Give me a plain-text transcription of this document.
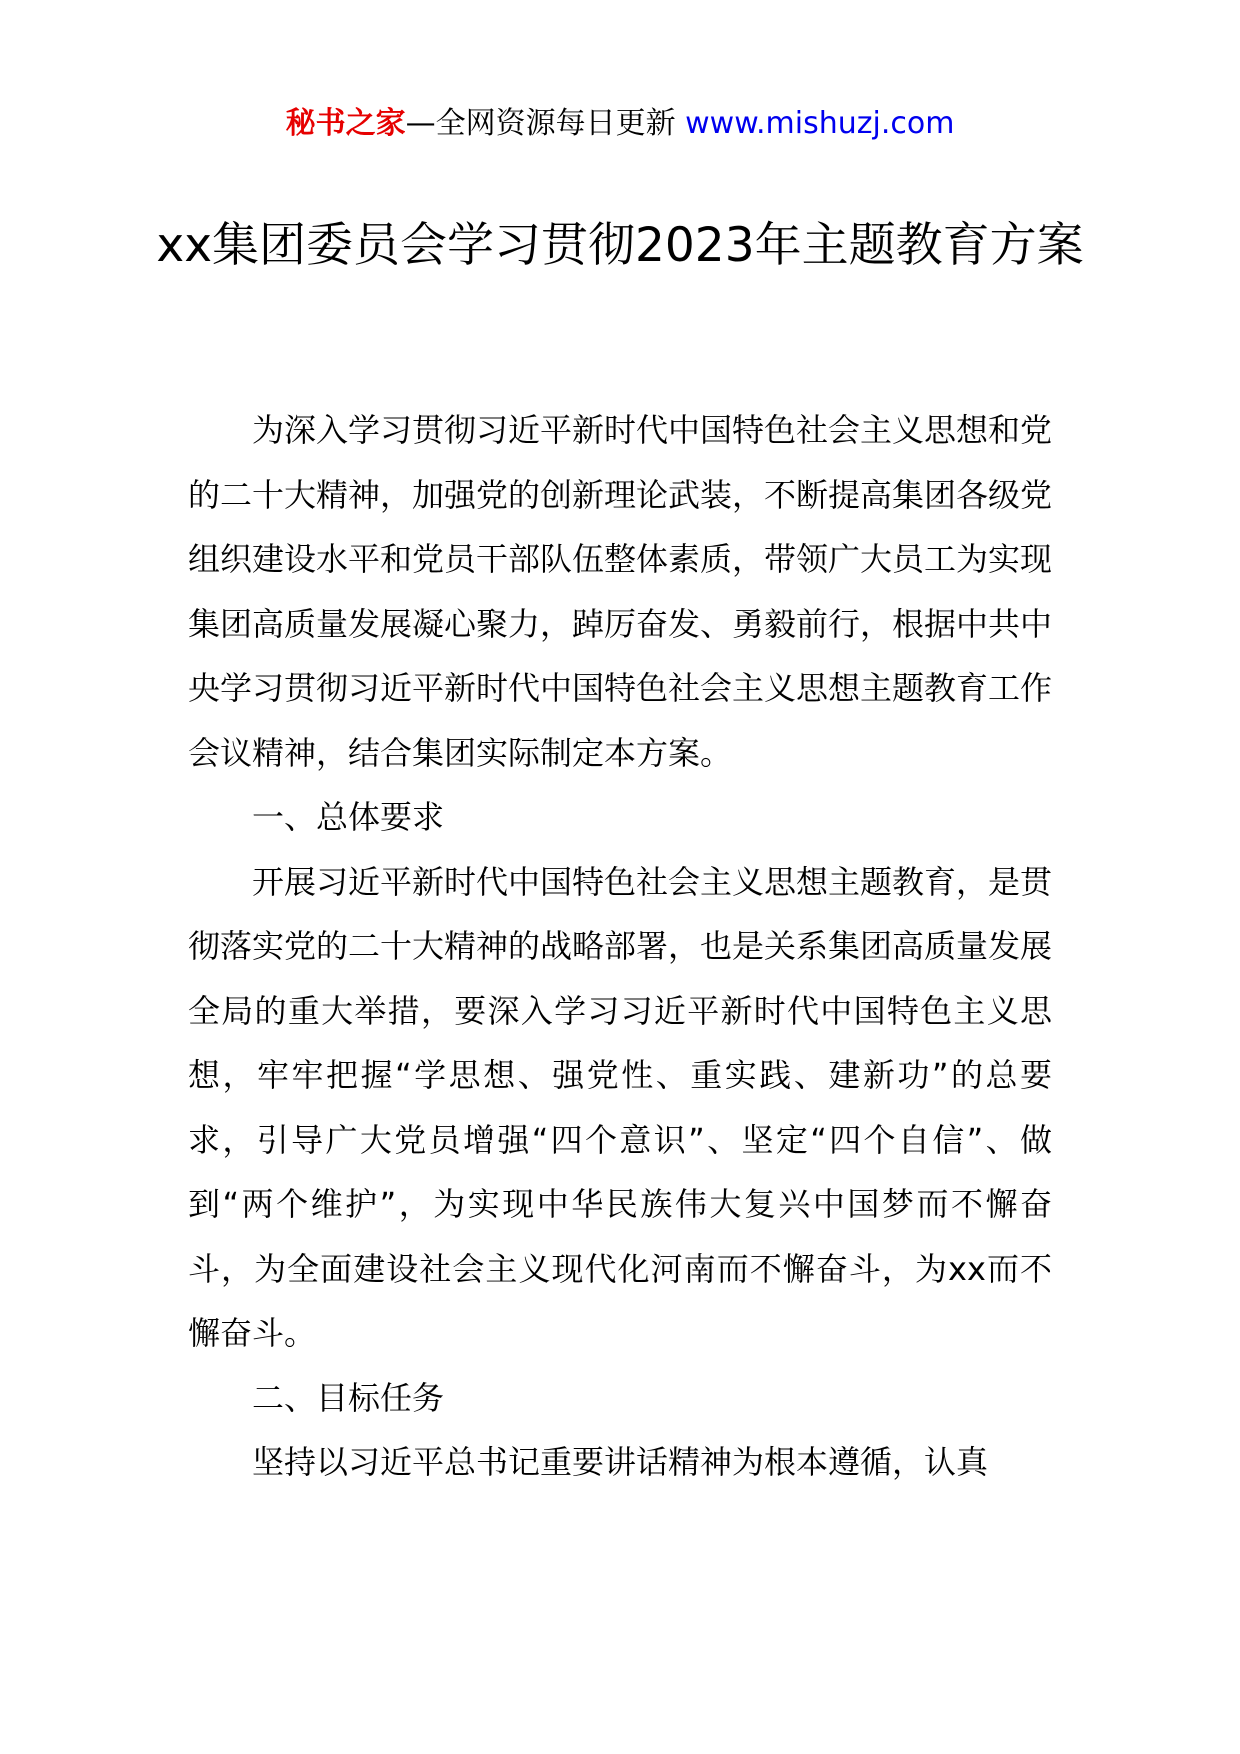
秘书之家—全网资源每日更新 www.mishuzj.com
xx集团委员会学习贯彻2023年主题教育方案

为深入学习贯彻习近平新时代中国特色社会主义思想和党的二十大精神，加强党的创新理论武装，不断提高集团各级党组织建设水平和党员干部队伍整体素质，带领广大员工为实现集团高质量发展凝心聚力，踔厉奋发、勇毅前行，根据中共中央学习贯彻习近平新时代中国特色社会主义思想主题教育工作会议精神，结合集团实际制定本方案。

一、总体要求

开展习近平新时代中国特色社会主义思想主题教育，是贯彻落实党的二十大精神的战略部署，也是关系集团高质量发展全局的重大举措，要深入学习习近平新时代中国特色主义思想，牢牢把握“学思想、强党性、重实践、建新功”的总要求，引导广大党员增强“四个意识”、坚定“四个自信”、做到“两个维护”，为实现中华民族伟大复兴中国梦而不懈奋斗，为全面建设社会主义现代化河南而不懈奋斗，为xx而不懈奋斗。

二、目标任务

坚持以习近平总书记重要讲话精神为根本遵循，认真
